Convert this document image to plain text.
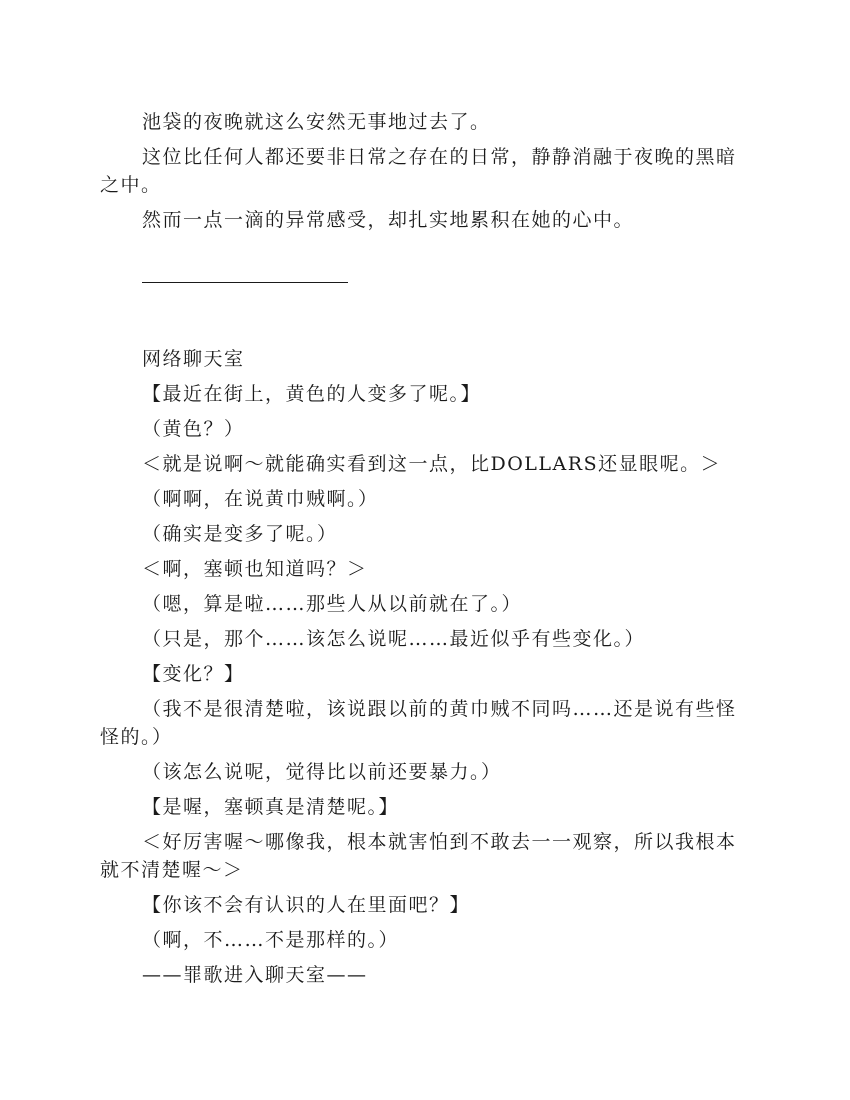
池袋的夜晚就这么安然无事地过去了。

这位比任何人都还要非日常之存在的日常，静静消融于夜晚的黑暗之中。

然而一点一滴的异常感受，却扎实地累积在她的心中。

网络聊天室

【最近在街上，黄色的人变多了呢。】

（黄色？）

＜就是说啊～就能确实看到这一点，比DOLLARS还显眼呢。＞

（啊啊，在说黄巾贼啊。）

（确实是变多了呢。）

＜啊，塞顿也知道吗？＞

（嗯，算是啦……那些人从以前就在了。）

（只是，那个……该怎么说呢……最近似乎有些变化。）

【变化？】

（我不是很清楚啦，该说跟以前的黄巾贼不同吗……还是说有些怪怪的。）

（该怎么说呢，觉得比以前还要暴力。）

【是喔，塞顿真是清楚呢。】

＜好厉害喔～哪像我，根本就害怕到不敢去一一观察，所以我根本就不清楚喔～＞

【你该不会有认识的人在里面吧？】

（啊，不……不是那样的。）

——罪歌进入聊天室——
